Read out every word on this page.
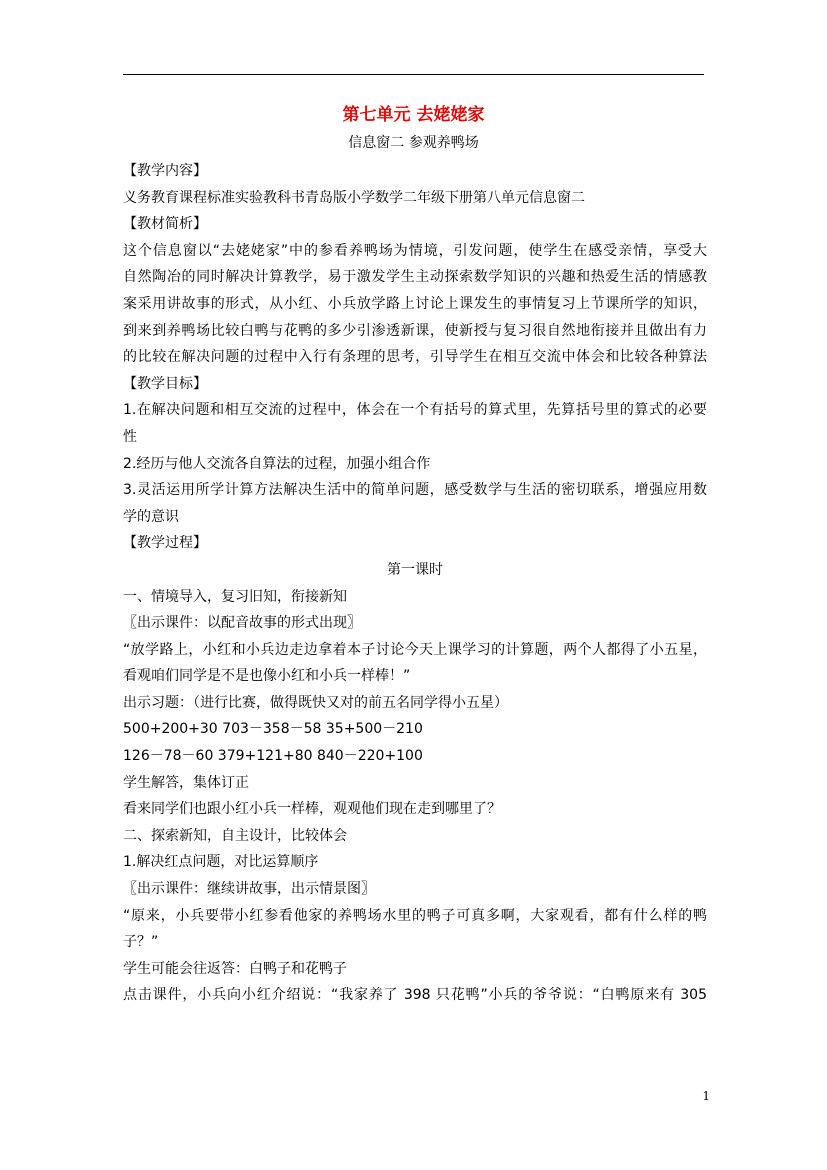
第七单元 去姥姥家
信息窗二 参观养鸭场
【教学内容】
义务教育课程标准实验教科书青岛版小学数学二年级下册第八单元信息窗二
【教材简析】
这个信息窗以“去姥姥家”中的参看养鸭场为情境，引发问题，使学生在感受亲情，享受大
自然陶冶的同时解决计算教学，易于激发学生主动探索数学知识的兴趣和热爱生活的情感教
案采用讲故事的形式，从小红、小兵放学路上讨论上课发生的事情复习上节课所学的知识，
到来到养鸭场比较白鸭与花鸭的多少引渗透新课，使新授与复习很自然地衔接并且做出有力
的比较在解决问题的过程中入行有条理的思考，引导学生在相互交流中体会和比较各种算法
【教学目标】
1.在解决问题和相互交流的过程中，体会在一个有括号的算式里，先算括号里的算式的必要
性
2.经历与他人交流各自算法的过程，加强小组合作
3.灵活运用所学计算方法解决生活中的简单问题，感受数学与生活的密切联系，增强应用数
学的意识
【教学过程】
第一课时
一、情境导入，复习旧知，衔接新知
〖出示课件：以配音故事的形式出现〗
“放学路上，小红和小兵边走边拿着本子讨论今天上课学习的计算题，两个人都得了小五星，
看观咱们同学是不是也像小红和小兵一样棒！”
出示习题：（进行比赛，做得既快又对的前五名同学得小五星）
500+200+30 703－358－58 35+500－210
126－78－60 379+121+80 840－220+100
学生解答，集体订正
看来同学们也跟小红小兵一样棒，观观他们现在走到哪里了？
二、探索新知，自主设计，比较体会
1.解决红点问题，对比运算顺序
〖出示课件：继续讲故事，出示情景图〗
“原来，小兵要带小红参看他家的养鸭场水里的鸭子可真多啊，大家观看，都有什么样的鸭
子？”
学生可能会往返答：白鸭子和花鸭子
点击课件，小兵向小红介绍说：“我家养了 398 只花鸭”小兵的爷爷说：“白鸭原来有 305
1
